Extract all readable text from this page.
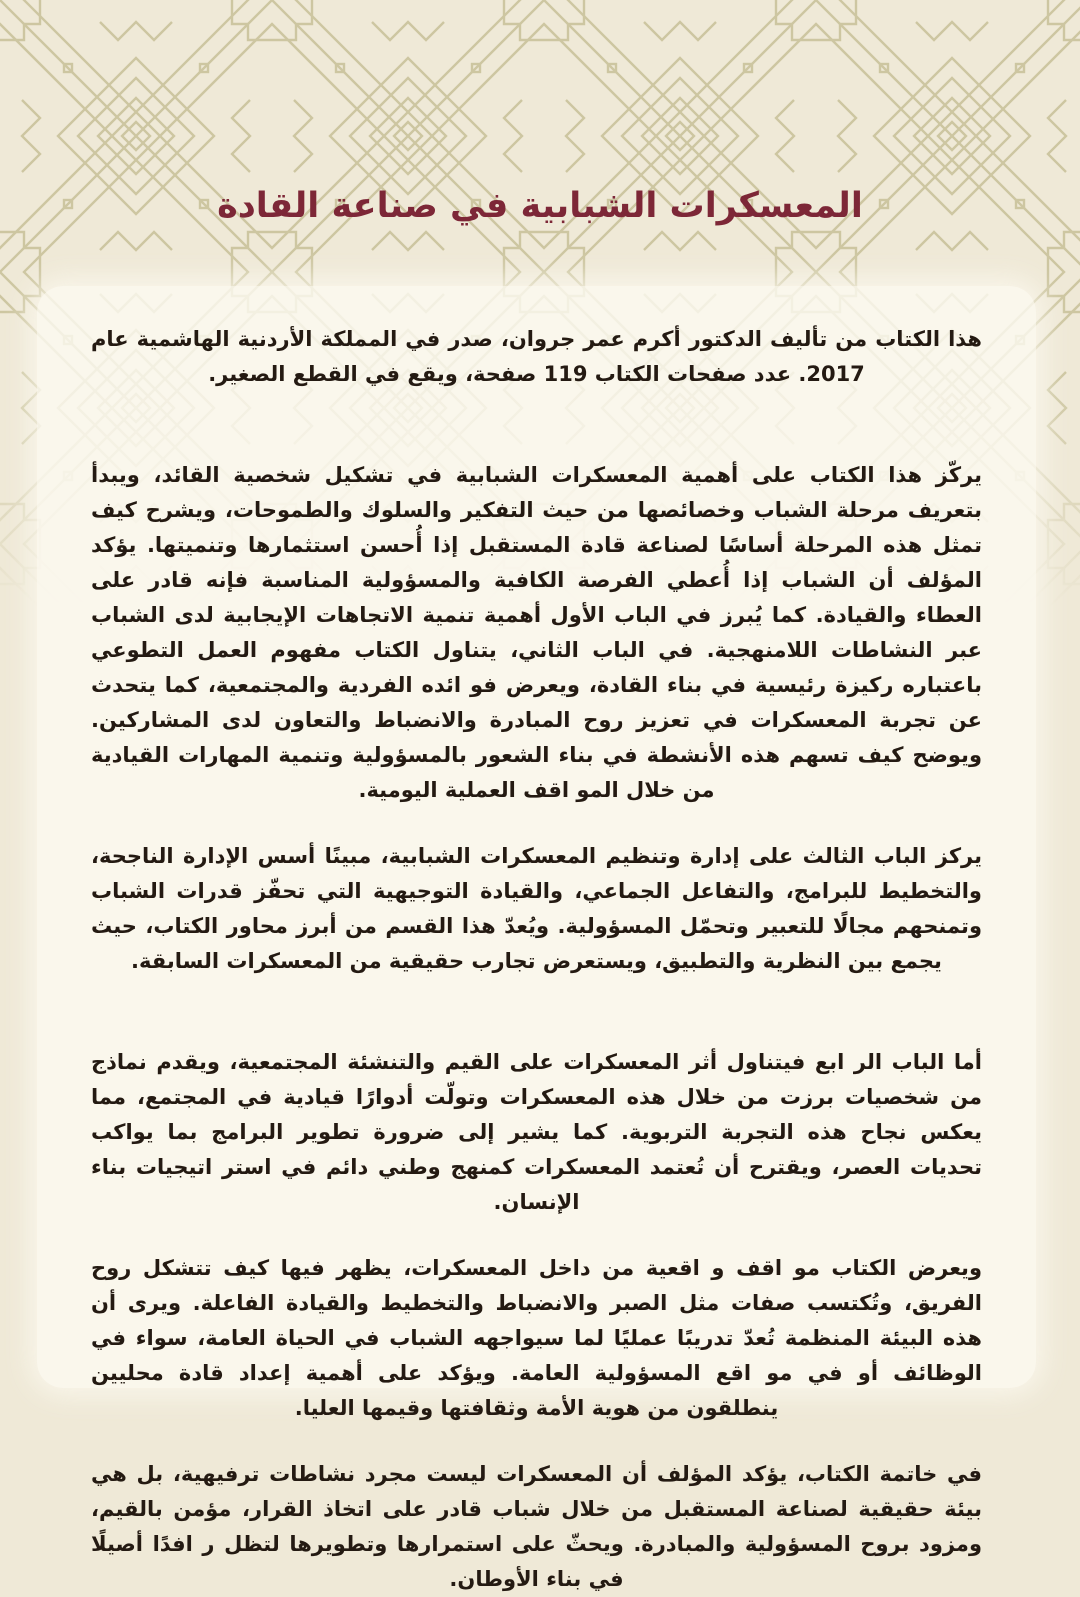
المعسكرات الشبابية في صناعة القادة

هذا الكتاب من تأليف الدكتور أكرم عمر جروان، صدر في المملكة الأردنية الهاشمية عام 2017. عدد صفحات الكتاب 119 صفحة، ويقع في القطع الصغير.

يركّز هذا الكتاب على أهمية المعسكرات الشبابية في تشكيل شخصية القائد، ويبدأ بتعريف مرحلة الشباب وخصائصها من حيث التفكير والسلوك والطموحات، ويشرح كيف تمثل هذه المرحلة أساسًا لصناعة قادة المستقبل إذا أُحسن استثمارها وتنميتها. يؤكد المؤلف أن الشباب إذا أُعطي الفرصة الكافية والمسؤولية المناسبة فإنه قادر على العطاء والقيادة. كما يُبرز في الباب الأول أهمية تنمية الاتجاهات الإيجابية لدى الشباب عبر النشاطات اللامنهجية. في الباب الثاني، يتناول الكتاب مفهوم العمل التطوعي باعتباره ركيزة رئيسية في بناء القادة، ويعرض فو ائده الفردية والمجتمعية، كما يتحدث عن تجربة المعسكرات في تعزيز روح المبادرة والانضباط والتعاون لدى المشاركين. ويوضح كيف تسهم هذه الأنشطة في بناء الشعور بالمسؤولية وتنمية المهارات القيادية من خلال المو اقف العملية اليومية.

يركز الباب الثالث على إدارة وتنظيم المعسكرات الشبابية، مبينًا أسس الإدارة الناجحة، والتخطيط للبرامج، والتفاعل الجماعي، والقيادة التوجيهية التي تحفّز قدرات الشباب وتمنحهم مجالًا للتعبير وتحمّل المسؤولية. ويُعدّ هذا القسم من أبرز محاور الكتاب، حيث يجمع بين النظرية والتطبيق، ويستعرض تجارب حقيقية من المعسكرات السابقة.

أما الباب الر ابع فيتناول أثر المعسكرات على القيم والتنشئة المجتمعية، ويقدم نماذج من شخصيات برزت من خلال هذه المعسكرات وتولّت أدوارًا قيادية في المجتمع، مما يعكس نجاح هذه التجربة التربوية. كما يشير إلى ضرورة تطوير البرامج بما يواكب تحديات العصر، ويقترح أن تُعتمد المعسكرات كمنهج وطني دائم في استر اتيجيات بناء الإنسان.

ويعرض الكتاب مو اقف و اقعية من داخل المعسكرات، يظهر فيها كيف تتشكل روح الفريق، وتُكتسب صفات مثل الصبر والانضباط والتخطيط والقيادة الفاعلة. ويرى أن هذه البيئة المنظمة تُعدّ تدريبًا عمليًا لما سيواجهه الشباب في الحياة العامة، سواء في الوظائف أو في مو اقع المسؤولية العامة. ويؤكد على أهمية إعداد قادة محليين ينطلقون من هوية الأمة وثقافتها وقيمها العليا.

في خاتمة الكتاب، يؤكد المؤلف أن المعسكرات ليست مجرد نشاطات ترفيهية، بل هي بيئة حقيقية لصناعة المستقبل من خلال شباب قادر على اتخاذ القرار، مؤمن بالقيم، ومزود بروح المسؤولية والمبادرة. ويحثّ على استمرارها وتطويرها لتظل ر افدًا أصيلًا في بناء الأوطان.
